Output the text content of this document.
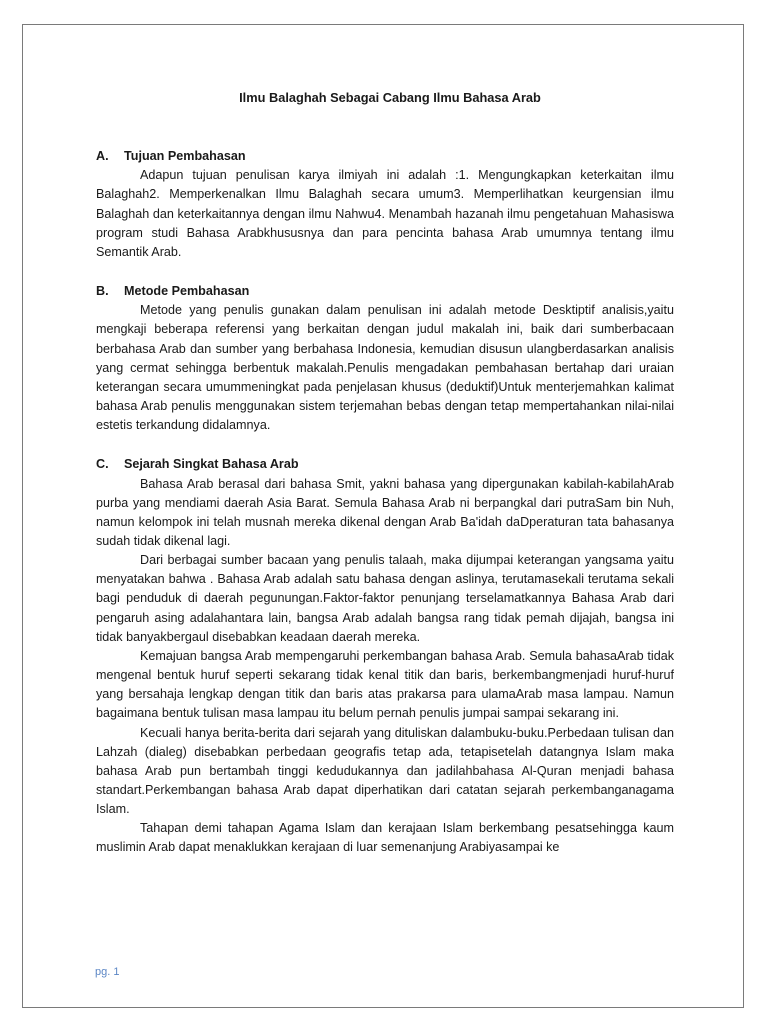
Ilmu Balaghah Sebagai Cabang Ilmu Bahasa Arab

A.	Tujuan Pembahasan

Adapun tujuan penulisan karya ilmiyah ini adalah :1. Mengungkapkan keterkaitan ilmu Balaghah2. Memperkenalkan Ilmu Balaghah secara umum3. Memperlihatkan keurgensian ilmu Balaghah dan keterkaitannya dengan ilmu Nahwu4. Menambah hazanah ilmu pengetahuan Mahasiswa program studi Bahasa Arabkhususnya dan para pencinta bahasa Arab umumnya tentang ilmu Semantik Arab.

B.	Metode Pembahasan

Metode yang penulis gunakan dalam penulisan ini adalah metode Desktiptif analisis,yaitu mengkaji beberapa referensi yang berkaitan dengan judul makalah ini, baik dari sumberbacaan berbahasa Arab dan sumber yang berbahasa Indonesia, kemudian disusun ulangberdasarkan analisis yang cermat sehingga berbentuk makalah.Penulis mengadakan pembahasan bertahap dari uraian keterangan secara umummeningkat pada penjelasan khusus (deduktif)Untuk menterjemahkan kalimat bahasa Arab penulis menggunakan sistem terjemahan bebas dengan tetap mempertahankan nilai-nilai estetis terkandung didalamnya.

C.	Sejarah Singkat Bahasa Arab

Bahasa Arab berasal dari bahasa Smit, yakni bahasa yang dipergunakan kabilah-kabilahArab purba yang mendiami daerah Asia Barat. Semula Bahasa Arab ni berpangkal dari putraSam bin Nuh, namun kelompok ini telah musnah mereka dikenal dengan Arab Ba'idah daDperaturan tata bahasanya sudah tidak dikenal lagi.

Dari berbagai sumber bacaan yang penulis talaah, maka dijumpai keterangan yangsama yaitu menyatakan bahwa . Bahasa Arab adalah satu bahasa dengan aslinya, terutamasekali terutama sekali bagi penduduk di daerah pegunungan.Faktor-faktor penunjang terselamatkannya Bahasa Arab dari pengaruh asing adalahantara lain, bangsa Arab adalah bangsa rang tidak pemah dijajah, bangsa ini tidak banyakbergaul disebabkan keadaan daerah mereka.

Kemajuan bangsa Arab mempengaruhi perkembangan bahasa Arab. Semula bahasaArab tidak mengenal bentuk huruf seperti sekarang tidak kenal titik dan baris, berkembangmenjadi huruf-huruf yang bersahaja lengkap dengan titik dan baris atas prakarsa para ulamaArab masa lampau. Namun bagaimana bentuk tulisan masa lampau itu belum pernah penulis jumpai sampai sekarang ini.

Kecuali hanya berita-berita dari sejarah yang dituliskan dalambuku-buku.Perbedaan tulisan dan Lahzah (dialeg) disebabkan perbedaan geografis tetap ada, tetapisetelah datangnya Islam maka bahasa Arab pun bertambah tinggi kedudukannya dan jadilahbahasa Al-Quran menjadi bahasa standart.Perkembangan bahasa Arab dapat diperhatikan dari catatan sejarah perkembanganagama Islam.

Tahapan demi tahapan Agama Islam dan kerajaan Islam berkembang pesatsehingga kaum muslimin Arab dapat menaklukkan kerajaan di luar semenanjung Arabiyasampai ke

pg. 1
